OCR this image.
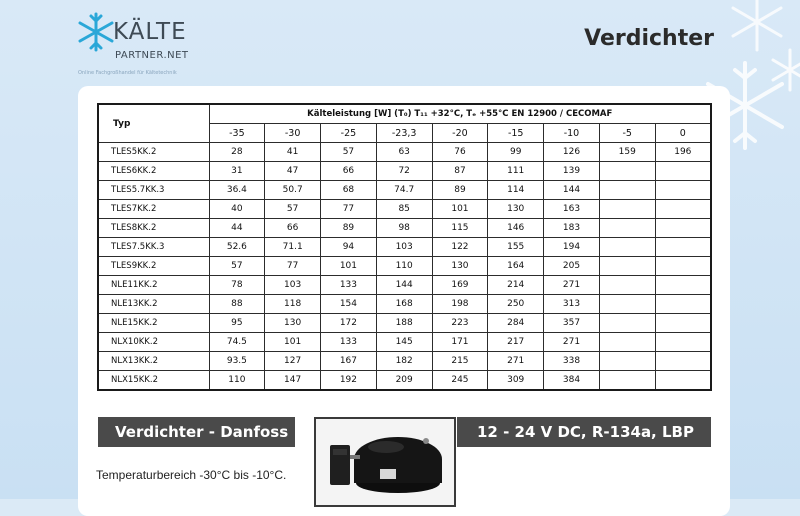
KÄLTE
PARTNER.NET
Online Fachgroßhandel für Kältetechnik
Verdichter
Typ	Kälteleistung [W] (T₀) T₁₁ +32°C, Tₑ +55°C EN 12900 / CECOMAF								
	-35	-30	-25	-23,3	-20	-15	-10	-5	0
TLES5KK.2	28	41	57	63	76	99	126	159	196
TLES6KK.2	31	47	66	72	87	111	139		
TLES5.7KK.3	36.4	50.7	68	74.7	89	114	144		
TLES7KK.2	40	57	77	85	101	130	163		
TLES8KK.2	44	66	89	98	115	146	183		
TLES7.5KK.3	52.6	71.1	94	103	122	155	194		
TLES9KK.2	57	77	101	110	130	164	205		
NLE11KK.2	78	103	133	144	169	214	271		
NLE13KK.2	88	118	154	168	198	250	313		
NLE15KK.2	95	130	172	188	223	284	357		
NLX10KK.2	74.5	101	133	145	171	217	271		
NLX13KK.2	93.5	127	167	182	215	271	338		
NLX15KK.2	110	147	192	209	245	309	384		
Verdichter - Danfoss	12 - 24 V DC, R-134a, LBP
Temperaturbereich -30°C bis -10°C.
